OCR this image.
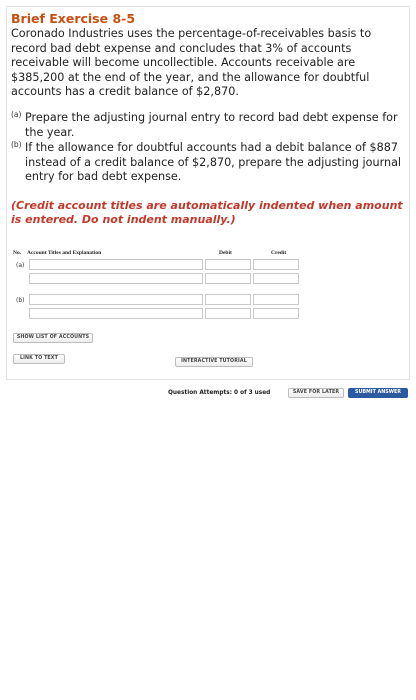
Brief Exercise 8-5
Coronado Industries uses the percentage-of-receivables basis to record bad debt expense and concludes that 3% of accounts receivable will become uncollectible. Accounts receivable are $385,200 at the end of the year, and the allowance for doubtful accounts has a credit balance of $2,870.
(a) Prepare the adjusting journal entry to record bad debt expense for the year.
(b) If the allowance for doubtful accounts had a debit balance of $887 instead of a credit balance of $2,870, prepare the adjusting journal entry for bad debt expense.
(Credit account titles are automatically indented when amount is entered. Do not indent manually.)
No. Account Titles and Explanation	Debit	Credit
(a)
(b)
SHOW LIST OF ACCOUNTS
LINK TO TEXT
INTERACTIVE TUTORIAL
Question Attempts: 0 of 3 used	SAVE FOR LATER	SUBMIT ANSWER
